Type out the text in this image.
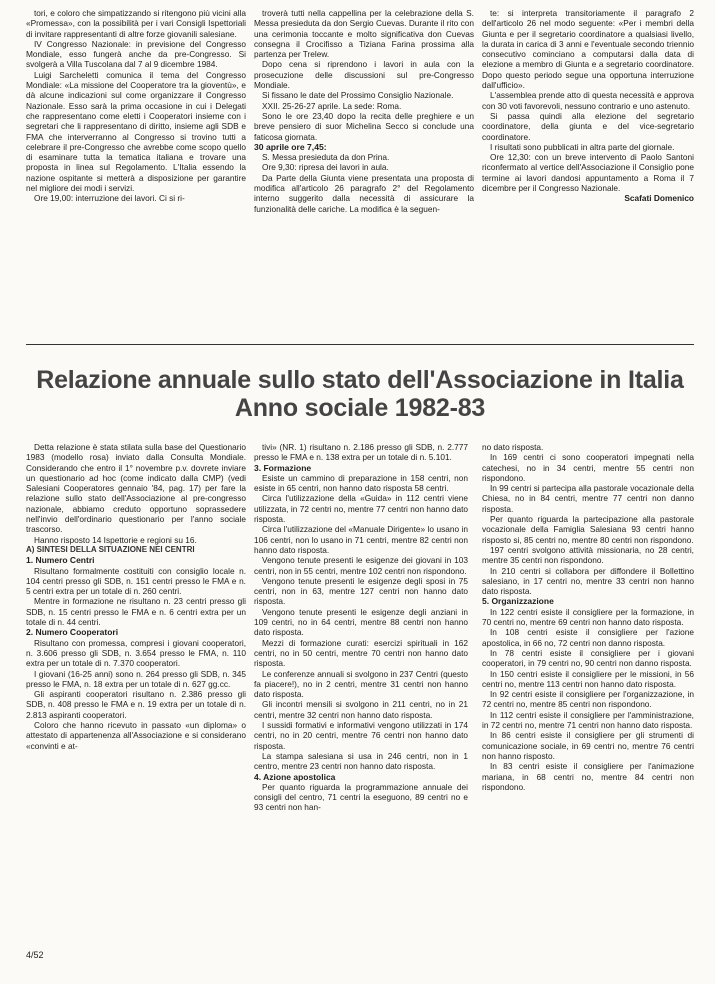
tori, e coloro che simpatizzando si ritengono più vicini alla «Promessa», con la possibilità per i vari Consigli Ispettoriali di invitare rappresentanti di altre forze giovanili salesiane.

IV Congresso Nazionale: in previsione del Congresso Mondiale, esso fungerà anche da pre-Congresso. Si svolgerà a Villa Tuscolana dal 7 al 9 dicembre 1984.

Luigi Sarcheletti comunica il tema del Congresso Mondiale: «La missione del Cooperatore tra la gioventù», e dà alcune indicazioni sul come organizzare il Congresso Nazionale. Esso sarà la prima occasione in cui i Delegati che rappresentano come eletti i Cooperatori insieme con i segretari che li rappresentano di diritto, insieme agli SDB e FMA che interverranno al Congresso si trovino tutti a celebrare il pre-Congresso che avrebbe come scopo quello di esaminare tutta la tematica italiana e trovare una proposta in linea sul Regolamento. L'Italia essendo la nazione ospitante si metterà a disposizione per garantire nel migliore dei modi i servizi.

Ore 19,00: interruzione dei lavori. Ci si ri-

troverà tutti nella cappellina per la celebrazione della S. Messa presieduta da don Sergio Cuevas. Durante il rito con una cerimonia toccante e molto significativa don Cuevas consegna il Crocifisso a Tiziana Farina prossima alla partenza per Trelew.

Dopo cena si riprendono i lavori in aula con la prosecuzione delle discussioni sul pre-Congresso Mondiale.

Si fissano le date del Prossimo Consiglio Nazionale.

XXII. 25-26-27 aprile. La sede: Roma.

Sono le ore 23,40 dopo la recita delle preghiere e un breve pensiero di suor Michelina Secco si conclude una faticosa giornata.

30 aprile ore 7,45:

S. Messa presieduta da don Prina.

Ore 9,30: ripresa dei lavori in aula.

Da Parte della Giunta viene presentata una proposta di modifica all'articolo 26 paragrafo 2° del Regolamento interno suggerito dalla necessità di assicurare la funzionalità delle cariche. La modifica è la seguen-

te: si interpreta transitoriamente il paragrafo 2 dell'articolo 26 nel modo seguente: «Per i membri della Giunta e per il segretario coordinatore a qualsiasi livello, la durata in carica di 3 anni e l'eventuale secondo triennio consecutivo cominciano a computarsi dalla data di elezione a membro di Giunta e a segretario coordinatore. Dopo questo periodo segue una opportuna interruzione dall'ufficio».

L'assemblea prende atto di questa necessità e approva con 30 voti favorevoli, nessuno contrario e uno astenuto.

Si passa quindi alla elezione del segretario coordinatore, della giunta e del vice-segretario coordinatore.

I risultati sono pubblicati in altra parte del giornale.

Ore 12,30: con un breve intervento di Paolo Santoni riconfermato al vertice dell'Associazione il Consiglio pone termine ai lavori dandosi appuntamento a Roma il 7 dicembre per il Congresso Nazionale.

Scafati Domenico

Relazione annuale sullo stato dell'Associazione in Italia
Anno sociale 1982-83

Detta relazione è stata stilata sulla base del Questionario 1983 (modello rosa) inviato dalla Consulta Mondiale. Considerando che entro il 1° novembre p.v. dovrete inviare un questionario ad hoc (come indicato dalla CMP) (vedi Salesiani Cooperatores gennaio '84, pag. 17) per fare la relazione sullo stato dell'Associazione al pre-congresso nazionale, abbiamo creduto opportuno soprassedere nell'invio dell'ordinario questionario per l'anno sociale trascorso.

Hanno risposto 14 Ispettorie e regioni su 16.

A) SINTESI DELLA SITUAZIONE NEI CENTRI

1. Numero Centri

Risultano formalmente costituiti con consiglio locale n. 104 centri presso gli SDB, n. 151 centri presso le FMA e n. 5 centri extra per un totale di n. 260 centri.

Mentre in formazione ne risultano n. 23 centri presso gli SDB, n. 15 centri presso le FMA e n. 6 centri extra per un totale di n. 44 centri.

2. Numero Cooperatori

Risultano con promessa, compresi i giovani cooperatori, n. 3.606 presso gli SDB, n. 3.654 presso le FMA, n. 110 extra per un totale di n. 7.370 cooperatori.

I giovani (16-25 anni) sono n. 264 presso gli SDB, n. 345 presso le FMA, n. 18 extra per un totale di n. 627 gg.cc.

Gli aspiranti cooperatori risultano n. 2.386 presso gli SDB, n. 408 presso le FMA e n. 19 extra per un totale di n. 2.813 aspiranti cooperatori.

Coloro che hanno ricevuto in passato «un diploma» o attestato di appartenenza all'Associazione e si considerano «convinti e at-

tivi» (NR. 1) risultano n. 2.186 presso gli SDB, n. 2.777 presso le FMA e n. 138 extra per un totale di n. 5.101.

3. Formazione

Esiste un cammino di preparazione in 158 centri, non esiste in 65 centri, non hanno dato risposta 58 centri.

Circa l'utilizzazione della «Guida» in 112 centri viene utilizzata, in 72 centri no, mentre 77 centri non hanno dato risposta.

Circa l'utilizzazione del «Manuale Dirigente» lo usano in 106 centri, non lo usano in 71 centri, mentre 82 centri non hanno dato risposta.

Vengono tenute presenti le esigenze dei giovani in 103 centri, non in 55 centri, mentre 102 centri non rispondono.

Vengono tenute presenti le esigenze degli sposi in 75 centri, non in 63, mentre 127 centri non hanno dato risposta.

Vengono tenute presenti le esigenze degli anziani in 109 centri, no in 64 centri, mentre 88 centri non hanno dato risposta.

Mezzi di formazione curati: esercizi spirituali in 162 centri, no in 50 centri, mentre 70 centri non hanno dato risposta.

Le conferenze annuali si svolgono in 237 Centri (questo fa piacere!), no in 2 centri, mentre 31 centri non hanno dato risposta.

Gli incontri mensili si svolgono in 211 centri, no in 21 centri, mentre 32 centri non hanno dato risposta.

I sussidi formativi e informativi vengono utilizzati in 174 centri, no in 20 centri, mentre 76 centri non hanno dato risposta.

La stampa salesiana si usa in 246 centri, non in 1 centro, mentre 23 centri non hanno dato risposta.

4. Azione apostolica

Per quanto riguarda la programmazione annuale dei consigli del centro, 71 centri la eseguono, 89 centri no e 93 centri non han-

no dato risposta.

In 169 centri ci sono cooperatori impegnati nella catechesi, no in 34 centri, mentre 55 centri non rispondono.

In 99 centri si partecipa alla pastorale vocazionale della Chiesa, no in 84 centri, mentre 77 centri non danno risposta.

Per quanto riguarda la partecipazione alla pastorale vocazionale della Famiglia Salesiana 93 centri hanno risposto si, 85 centri no, mentre 80 centri non rispondono.

197 centri svolgono attività missionaria, no 28 centri, mentre 35 centri non rispondono.

In 210 centri si collabora per diffondere il Bollettino salesiano, in 17 centri no, mentre 33 centri non hanno dato risposta.

5. Organizzazione

In 122 centri esiste il consigliere per la formazione, in 70 centri no, mentre 69 centri non hanno dato risposta.

In 108 centri esiste il consigliere per l'azione apostolica, in 66 no, 72 centri non danno risposta.

In 78 centri esiste il consigliere per i giovani cooperatori, in 79 centri no, 90 centri non danno risposta.

In 150 centri esiste il consigliere per le missioni, in 56 centri no, mentre 113 centri non hanno dato risposta.

In 92 centri esiste il consigliere per l'organizzazione, in 72 centri no, mentre 85 centri non rispondono.

In 112 centri esiste il consigliere per l'amministrazione, in 72 centri no, mentre 71 centri non hanno dato risposta.

In 86 centri esiste il consigliere per gli strumenti di comunicazione sociale, in 69 centri no, mentre 76 centri non hanno risposto.

In 83 centri esiste il consigliere per l'animazione mariana, in 68 centri no, mentre 84 centri non rispondono.

4/52
